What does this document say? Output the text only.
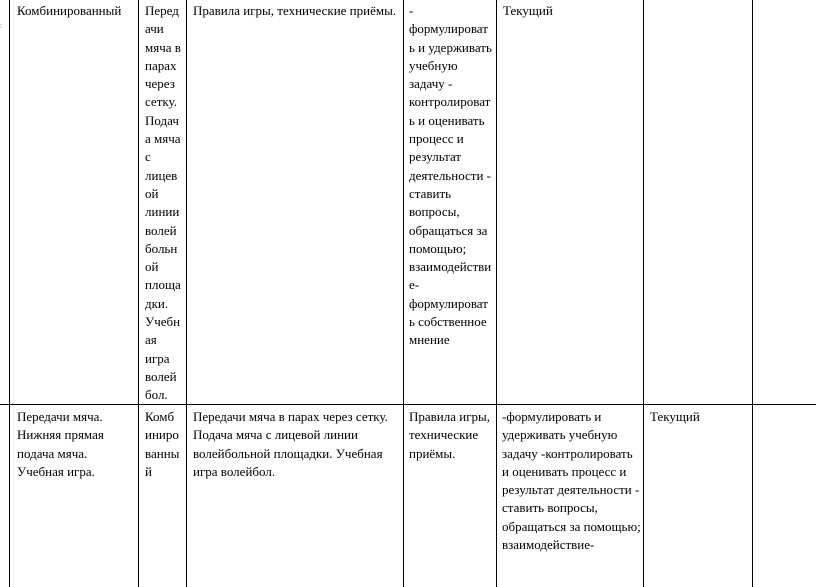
:
Комбинированный	Перед ачи мяча в парах через сетку. Подач а мяча с лицев ой линии волей больн ой площа дки. Учебн ая игра волей бол.
Правила игры, технические приёмы. - формулировать и удерживать учебную задачу - контролировать и оценивать процесс и результат деятельности - ставить вопросы, обращаться за помощью; взаимодействие- формулировать собственное мнение
Текущий
Передачи мяча. Нижняя прямая подача мяча. Учебная игра.
Комб иниро ванны й
Передачи мяча в парах через сетку. Подача мяча с лицевой линии волейбольной площадки. Учебная игра волейбол.
Правила игры, технические приёмы.
-формулировать и удерживать учебную задачу -контролировать и оценивать процесс и результат деятельности - ставить вопросы, обращаться за помощью; взаимодействие-
Текущий
